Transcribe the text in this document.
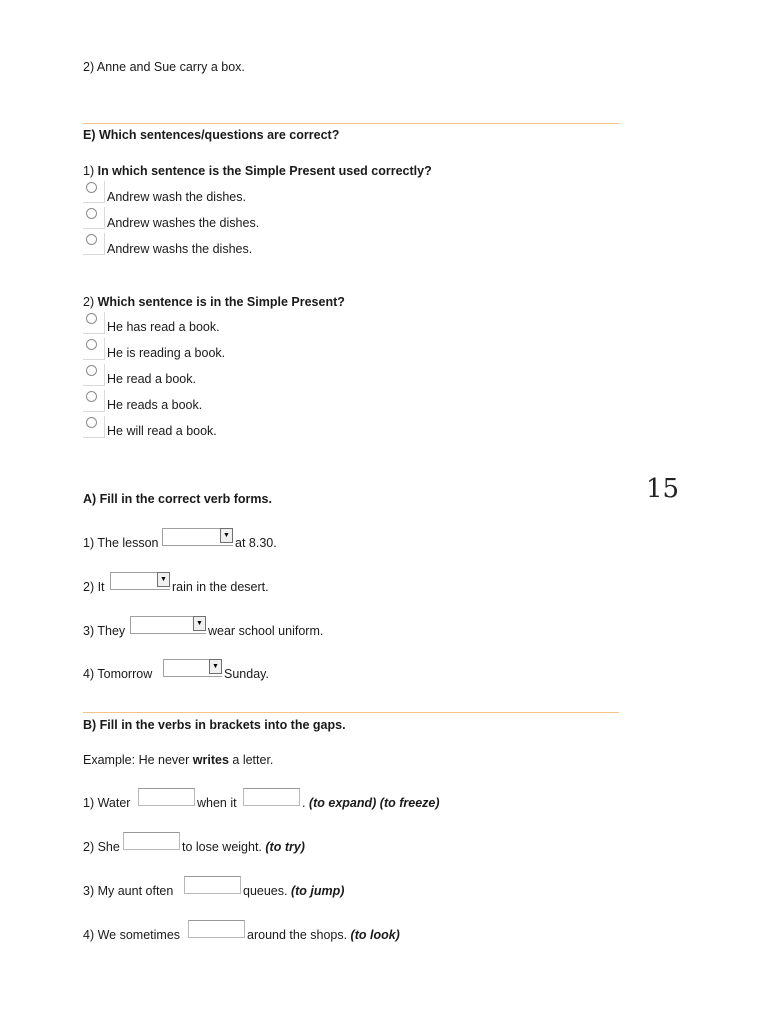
2) Anne and Sue carry a box.
E) Which sentences/questions are correct?
1) In which sentence is the Simple Present used correctly?
Andrew wash the dishes.
Andrew washes the dishes.
Andrew washs the dishes.
2) Which sentence is in the Simple Present?
He has read a book.
He is reading a book.
He read a book.
He reads a book.
He will read a book.
15
A) Fill in the correct verb forms.
1) The lesson
▼
at 8.30.
2) It
▼
rain in the desert.
3) They
▼
wear school uniform.
4) Tomorrow
▼
Sunday.
B) Fill in the verbs in brackets into the gaps.
Example: He never writes a letter.
1) Water	when it	. (to expand) (to freeze)
2) She	to lose weight. (to try)
3) My aunt often	queues. (to jump)
4) We sometimes	around the shops. (to look)
